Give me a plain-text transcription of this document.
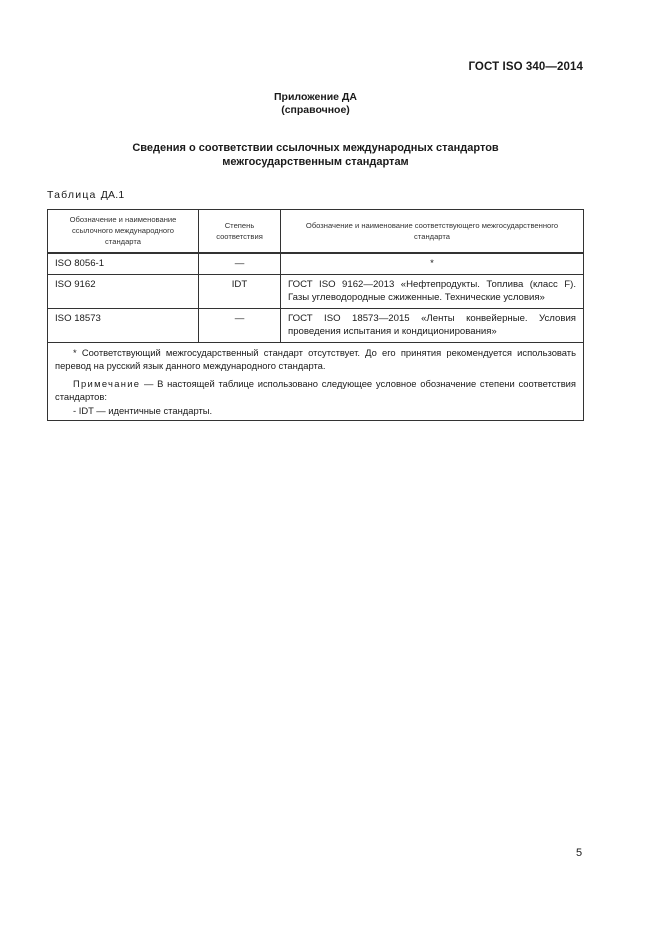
ГОСТ ISO 340—2014
Приложение ДА
(справочное)
Сведения о соответствии ссылочных международных стандартов
межгосударственным стандартам
Таблица ДА.1
Обозначение и наименование ссылочного международного стандарта	Степень соответствия	Обозначение и наименование соответствующего межгосударственного стандарта
ISO 8056-1	—	*
ISO 9162	IDT	ГОСТ ISO 9162—2013 «Нефтепродукты. Топлива (класс F). Газы углеводородные сжиженные. Технические условия»
ISO 18573	—	ГОСТ ISO 18573—2015 «Ленты конвейерные. Условия проведения испытания и кондиционирования»

* Соответствующий межгосударственный стандарт отсутствует. До его принятия рекомендуется использовать перевод на русский язык данного международного стандарта.

Примечание — В настоящей таблице использовано следующее условное обозначение степени соответствия стандартов:

- IDT — идентичные стандарты.		
5
